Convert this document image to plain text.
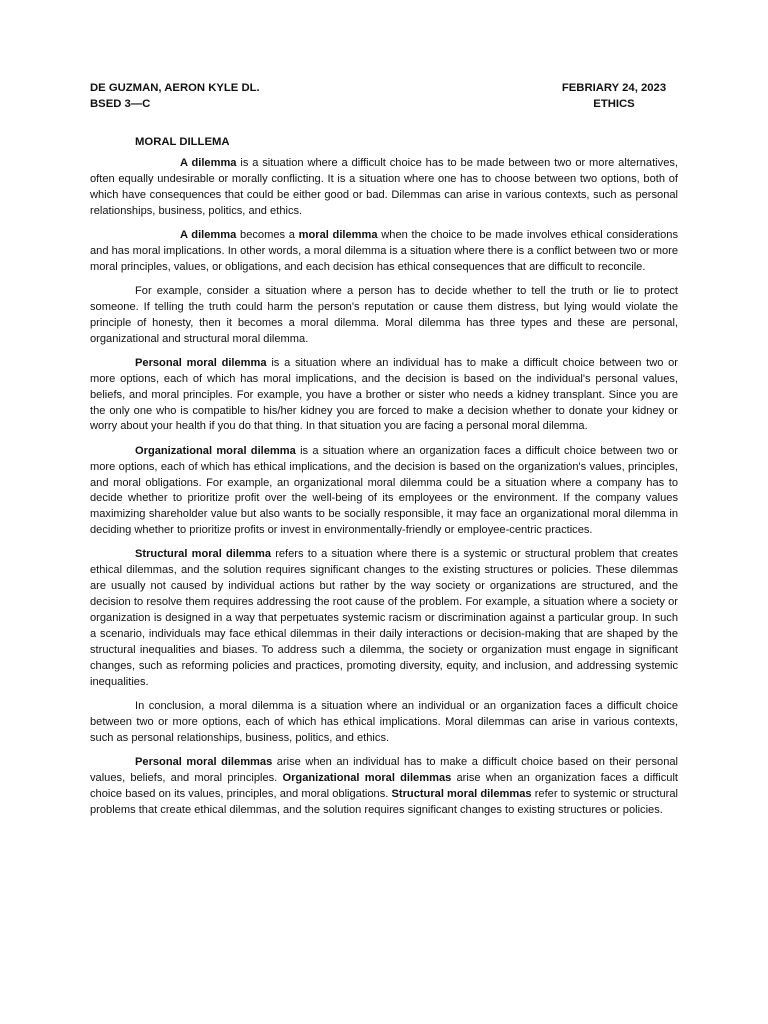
DE GUZMAN, AERON KYLE DL.	FEBRIARY 24, 2023
BSED 3—C	ETHICS
MORAL DILLEMA

A dilemma is a situation where a difficult choice has to be made between two or more alternatives, often equally undesirable or morally conflicting. It is a situation where one has to choose between two options, both of which have consequences that could be either good or bad. Dilemmas can arise in various contexts, such as personal relationships, business, politics, and ethics.

A dilemma becomes a moral dilemma when the choice to be made involves ethical considerations and has moral implications. In other words, a moral dilemma is a situation where there is a conflict between two or more moral principles, values, or obligations, and each decision has ethical consequences that are difficult to reconcile.

For example, consider a situation where a person has to decide whether to tell the truth or lie to protect someone. If telling the truth could harm the person's reputation or cause them distress, but lying would violate the principle of honesty, then it becomes a moral dilemma. Moral dilemma has three types and these are personal, organizational and structural moral dilemma.

Personal moral dilemma is a situation where an individual has to make a difficult choice between two or more options, each of which has moral implications, and the decision is based on the individual's personal values, beliefs, and moral principles. For example, you have a brother or sister who needs a kidney transplant. Since you are the only one who is compatible to his/her kidney you are forced to make a decision whether to donate your kidney or worry about your health if you do that thing. In that situation you are facing a personal moral dilemma.

Organizational moral dilemma is a situation where an organization faces a difficult choice between two or more options, each of which has ethical implications, and the decision is based on the organization's values, principles, and moral obligations. For example, an organizational moral dilemma could be a situation where a company has to decide whether to prioritize profit over the well-being of its employees or the environment. If the company values maximizing shareholder value but also wants to be socially responsible, it may face an organizational moral dilemma in deciding whether to prioritize profits or invest in environmentally-friendly or employee-centric practices.

Structural moral dilemma refers to a situation where there is a systemic or structural problem that creates ethical dilemmas, and the solution requires significant changes to the existing structures or policies. These dilemmas are usually not caused by individual actions but rather by the way society or organizations are structured, and the decision to resolve them requires addressing the root cause of the problem. For example, a situation where a society or organization is designed in a way that perpetuates systemic racism or discrimination against a particular group. In such a scenario, individuals may face ethical dilemmas in their daily interactions or decision-making that are shaped by the structural inequalities and biases. To address such a dilemma, the society or organization must engage in significant changes, such as reforming policies and practices, promoting diversity, equity, and inclusion, and addressing systemic inequalities.

In conclusion, a moral dilemma is a situation where an individual or an organization faces a difficult choice between two or more options, each of which has ethical implications. Moral dilemmas can arise in various contexts, such as personal relationships, business, politics, and ethics.

Personal moral dilemmas arise when an individual has to make a difficult choice based on their personal values, beliefs, and moral principles. Organizational moral dilemmas arise when an organization faces a difficult choice based on its values, principles, and moral obligations. Structural moral dilemmas refer to systemic or structural problems that create ethical dilemmas, and the solution requires significant changes to existing structures or policies.
